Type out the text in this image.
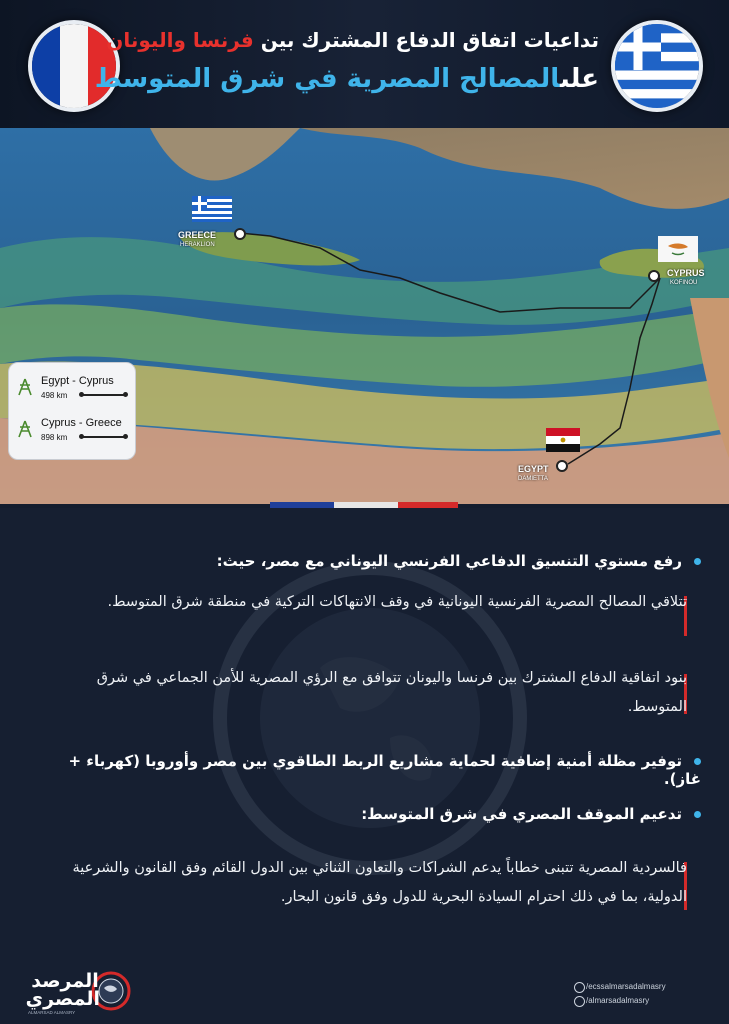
تداعيات اتفاق الدفاع المشترك بين فرنسا واليونان
علىالمصالح المصرية في شرق المتوسط
GREECE
HERAKLION
CYPRUS
KOFINOU
EGYPT
DAMIETTA
Egypt - Cyprus
498 km
Cyprus - Greece
898 km
رفع مستوي التنسيق الدفاعي الفرنسي اليوناني مع مصر، حيث:
تتلاقي المصالح المصرية الفرنسية اليونانية في وقف الانتهاكات التركية في منطقة شرق المتوسط.
بنود اتفاقية الدفاع المشترك بين فرنسا واليونان تتوافق مع الرؤي المصرية للأمن الجماعي في شرق المتوسط.
توفير مظلة أمنية إضافية لحماية مشاريع الربط الطاقوي بين مصر وأوروبا (كهرباء + غاز).
تدعيم الموقف المصري في شرق المتوسط:
فالسردية المصرية تتبنى خطاباً يدعم الشراكات والتعاون الثنائي بين الدول القائم وفق القانون والشرعية الدولية، بما في ذلك احترام السيادة البحرية للدول وفق قانون البحار.
المرصد
المصري
ALMARSAD ALMASRY
/ecssalmarsadalmasry
/almarsadalmasry
